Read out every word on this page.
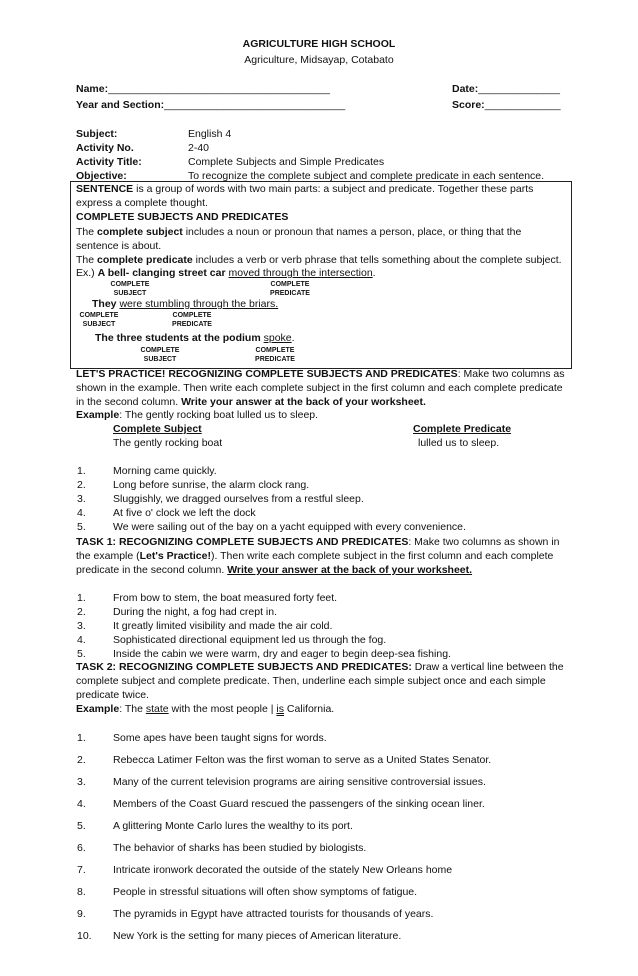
AGRICULTURE HIGH SCHOOL
Agriculture, Midsayap, Cotabato
Name:______________________________________	Date:______________
Year and Section:_______________________________	Score:_____________
Subject:	English 4
Activity No.	2-40
Activity Title:	Complete Subjects and Simple Predicates
Objective:	To recognize the complete subject and complete predicate in each sentence.
SENTENCE is a group of words with two main parts: a subject and predicate. Together these parts express a complete thought.
COMPLETE SUBJECTS AND PREDICATES
The complete subject includes a noun or pronoun that names a person, place, or thing that the sentence is about.
The complete predicate includes a verb or verb phrase that tells something about the complete subject.
Ex.) A bell- clanging street car moved through the intersection.
COMPLETE
SUBJECT
COMPLETE
PREDICATE
They were stumbling through the briars.
COMPLETE
SUBJECT
COMPLETE
PREDICATE
The three students at the podium spoke.
COMPLETE
SUBJECT
COMPLETE
PREDICATE
LET'S PRACTICE! RECOGNIZING COMPLETE SUBJECTS AND PREDICATES: Make two columns as shown in the example. Then write each complete subject in the first column and each complete predicate in the second column. Write your answer at the back of your worksheet.
Example: The gently rocking boat lulled us to sleep.
Complete Subject	Complete Predicate
The gently rocking boat	lulled us to sleep.
1.	Morning came quickly.
2.	Long before sunrise, the alarm clock rang.
3.	Sluggishly, we dragged ourselves from a restful sleep.
4.	At five o' clock we left the dock
5.	We were sailing out of the bay on a yacht equipped with every convenience.
TASK 1: RECOGNIZING COMPLETE SUBJECTS AND PREDICATES: Make two columns as shown in the example (Let's Practice!). Then write each complete subject in the first column and each complete predicate in the second column. Write your answer at the back of your worksheet.
1.	From bow to stem, the boat measured forty feet.
2.	During the night, a fog had crept in.
3.	It greatly limited visibility and made the air cold.
4.	Sophisticated directional equipment led us through the fog.
5.	Inside the cabin we were warm, dry and eager to begin deep-sea fishing.
TASK 2: RECOGNIZING COMPLETE SUBJECTS AND PREDICATES: Draw a vertical line between the complete subject and complete predicate. Then, underline each simple subject once and each simple predicate twice.
Example: The state with the most people | is California.
1.	Some apes have been taught signs for words.
2.	Rebecca Latimer Felton was the first woman to serve as a United States Senator.
3.	Many of the current television programs are airing sensitive controversial issues.
4.	Members of the Coast Guard rescued the passengers of the sinking ocean liner.
5.	A glittering Monte Carlo lures the wealthy to its port.
6.	The behavior of sharks has been studied by biologists.
7.	Intricate ironwork decorated the outside of the stately New Orleans home
8.	People in stressful situations will often show symptoms of fatigue.
9.	The pyramids in Egypt have attracted tourists for thousands of years.
10. New York is the setting for many pieces of American literature.
